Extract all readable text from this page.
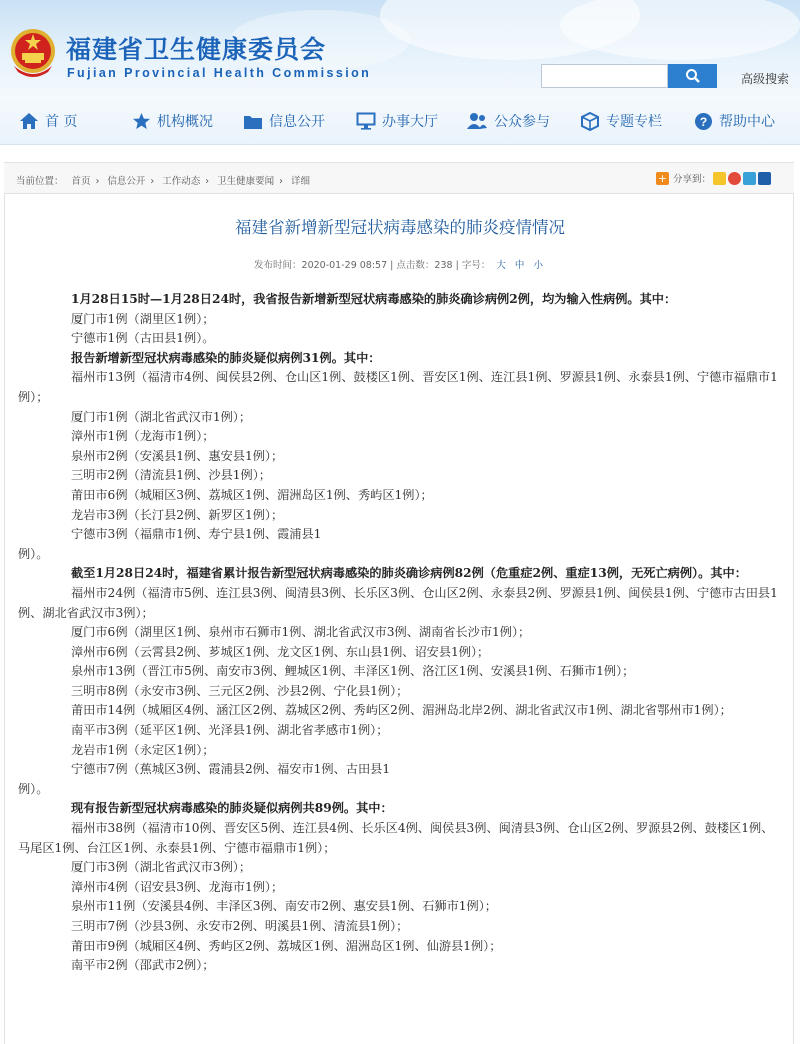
福建省卫生健康委员会
Fujian Provincial Health Commission	高级搜索
首 页	机构概况	信息公开	办事大厅	公众参与	专题专栏	? 帮助中心
当前位置： 首页 › 信息公开 › 工作动态 › 卫生健康要闻 › 详细	+ 分享到：
福建省新增新型冠状病毒感染的肺炎疫情情况
发布时间：2020-01-29 08:57 | 点击数：238 | 字号： 大 中 小

1月28日15时—1月28日24时，我省报告新增新型冠状病毒感染的肺炎确诊病例2例，均为输入性病例。其中：

厦门市1例（湖里区1例）；

宁德市1例（古田县1例）。

报告新增新型冠状病毒感染的肺炎疑似病例31例。其中：

福州市13例（福清市4例、闽侯县2例、仓山区1例、鼓楼区1例、晋安区1例、连江县1例、罗源县1例、永泰县1例、宁德市福鼎市1例）；

厦门市1例（湖北省武汉市1例）；

漳州市1例（龙海市1例）；

泉州市2例（安溪县1例、惠安县1例）；

三明市2例（清流县1例、沙县1例）；

莆田市6例（城厢区3例、荔城区1例、湄洲岛区1例、秀屿区1例）；

龙岩市3例（长汀县2例、新罗区1例）；

宁德市3例（福鼎市1例、寿宁县1例、霞浦县1

例）。

截至1月28日24时，福建省累计报告新型冠状病毒感染的肺炎确诊病例82例（危重症2例、重症13例，无死亡病例）。其中：

福州市24例（福清市5例、连江县3例、闽清县3例、长乐区3例、仓山区2例、永泰县2例、罗源县1例、闽侯县1例、宁德市古田县1例、湖北省武汉市3例）；

厦门市6例（湖里区1例、泉州市石狮市1例、湖北省武汉市3例、湖南省长沙市1例）；

漳州市6例（云霄县2例、芗城区1例、龙文区1例、东山县1例、诏安县1例）；

泉州市13例（晋江市5例、南安市3例、鲤城区1例、丰泽区1例、洛江区1例、安溪县1例、石狮市1例）；

三明市8例（永安市3例、三元区2例、沙县2例、宁化县1例）；

莆田市14例（城厢区4例、涵江区2例、荔城区2例、秀屿区2例、湄洲岛北岸2例、湖北省武汉市1例、湖北省鄂州市1例）；

南平市3例（延平区1例、光泽县1例、湖北省孝感市1例）；

龙岩市1例（永定区1例）；

宁德市7例（蕉城区3例、霞浦县2例、福安市1例、古田县1

例）。

现有报告新型冠状病毒感染的肺炎疑似病例共89例。其中：

福州市38例（福清市10例、晋安区5例、连江县4例、长乐区4例、闽侯县3例、闽清县3例、仓山区2例、罗源县2例、鼓楼区1例、马尾区1例、台江区1例、永泰县1例、宁德市福鼎市1例）；

厦门市3例（湖北省武汉市3例）；

漳州市4例（诏安县3例、龙海市1例）；

泉州市11例（安溪县4例、丰泽区3例、南安市2例、惠安县1例、石狮市1例）；

三明市7例（沙县3例、永安市2例、明溪县1例、清流县1例）；

莆田市9例（城厢区4例、秀屿区2例、荔城区1例、湄洲岛区1例、仙游县1例）；

南平市2例（邵武市2例）；
